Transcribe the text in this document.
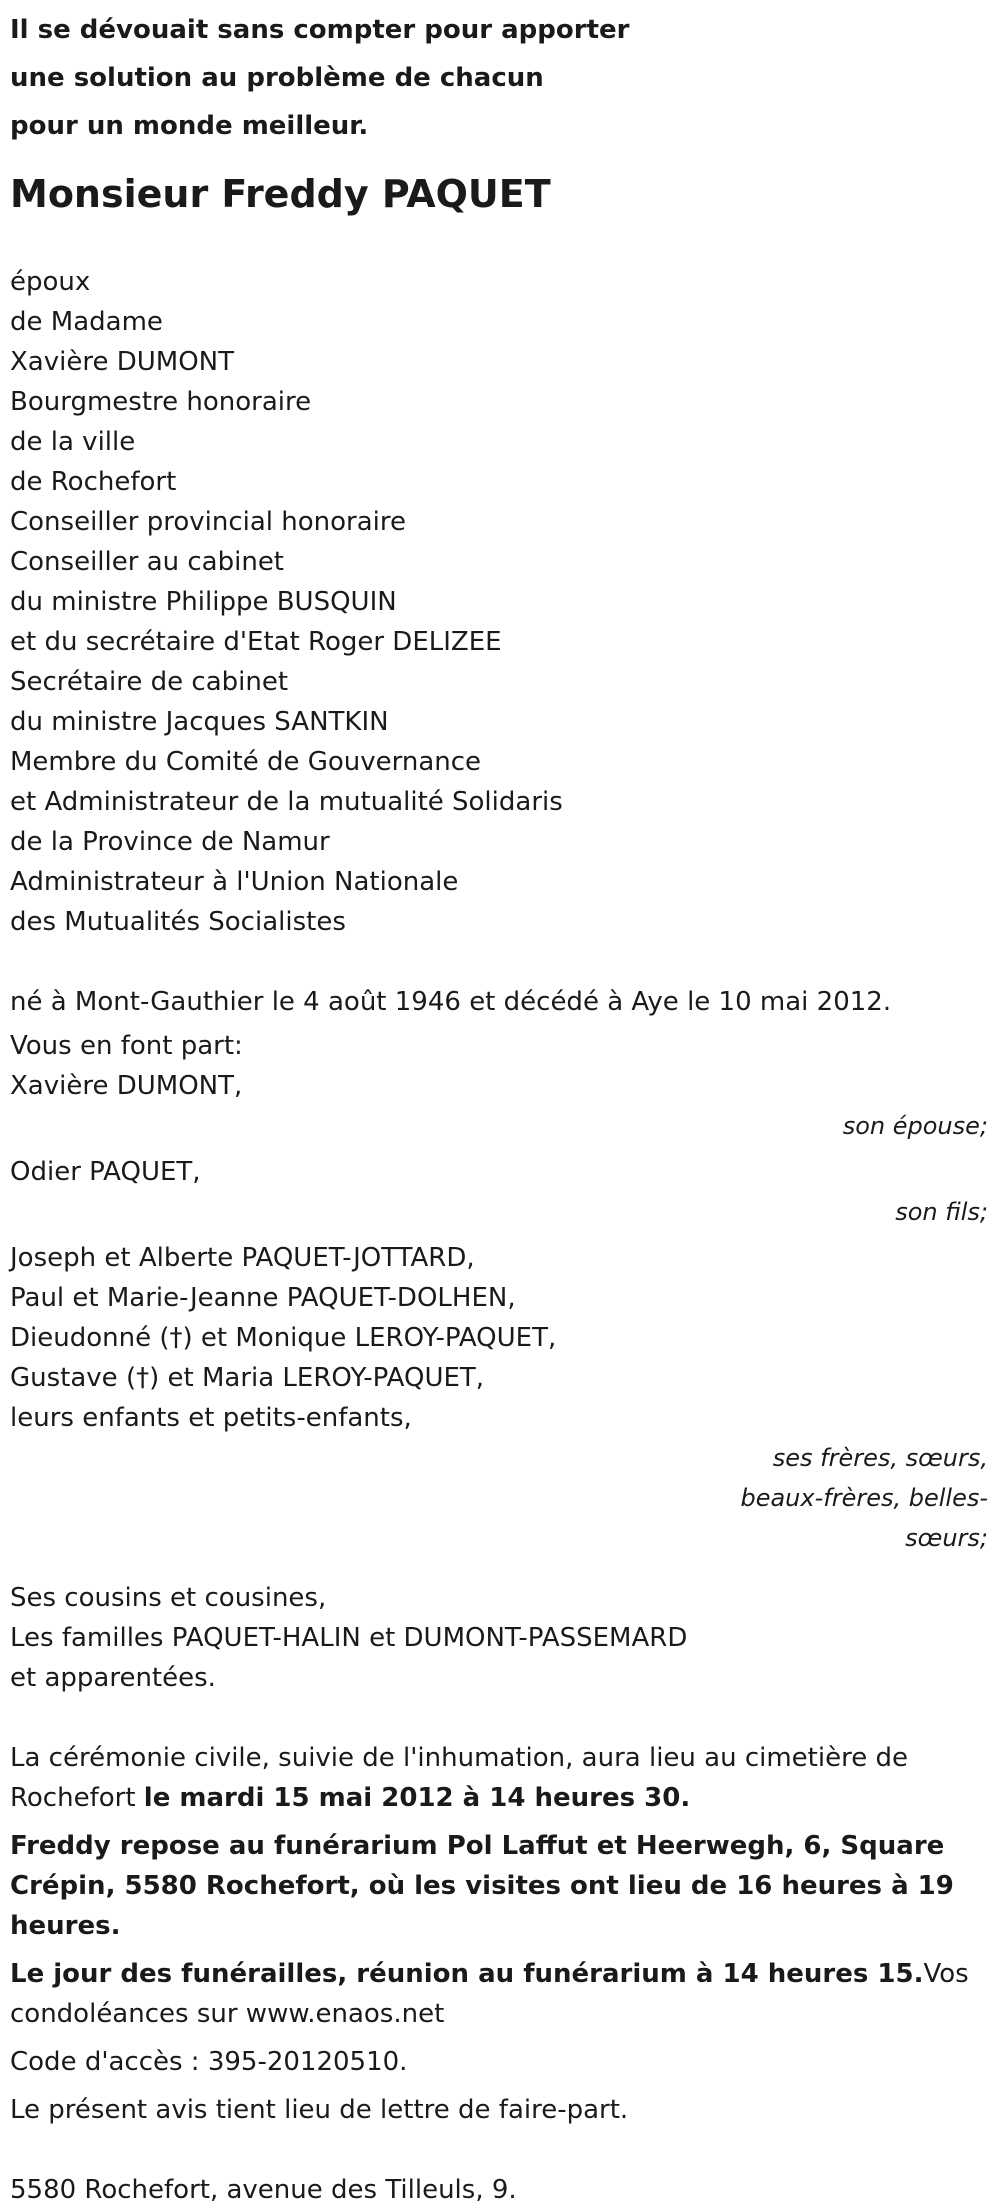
Il se dévouait sans compter pour apporter
une solution au problème de chacun
pour un monde meilleur.
Monsieur Freddy PAQUET
époux
de Madame
Xavière DUMONT
Bourgmestre honoraire
de la ville
de Rochefort
Conseiller provincial honoraire
Conseiller au cabinet
du ministre Philippe BUSQUIN
et du secrétaire d'Etat Roger DELIZEE
Secrétaire de cabinet
du ministre Jacques SANTKIN
Membre du Comité de Gouvernance
et Administrateur de la mutualité Solidaris
de la Province de Namur
Administrateur à l'Union Nationale
des Mutualités Socialistes
né à Mont-Gauthier le 4 août 1946 et décédé à Aye le 10 mai 2012.
Vous en font part:
Xavière DUMONT,
son épouse;
Odier PAQUET,
son fils;
Joseph et Alberte PAQUET-JOTTARD,
Paul et Marie-Jeanne PAQUET-DOLHEN,
Dieudonné (†) et Monique LEROY-PAQUET,
Gustave (†) et Maria LEROY-PAQUET,
leurs enfants et petits-enfants,
ses frères, sœurs,
beaux-frères, belles-
sœurs;
Ses cousins et cousines,
Les familles PAQUET-HALIN et DUMONT-PASSEMARD
et apparentées.
La cérémonie civile, suivie de l'inhumation, aura lieu au cimetière de Rochefort le mardi 15 mai 2012 à 14 heures 30.
Freddy repose au funérarium Pol Laffut et Heerwegh, 6, Square Crépin, 5580 Rochefort, où les visites ont lieu de 16 heures à 19 heures.
Le jour des funérailles, réunion au funérarium à 14 heures 15.Vos condoléances sur www.enaos.net
Code d'accès : 395-20120510.
Le présent avis tient lieu de lettre de faire-part.
5580 Rochefort, avenue des Tilleuls, 9.
